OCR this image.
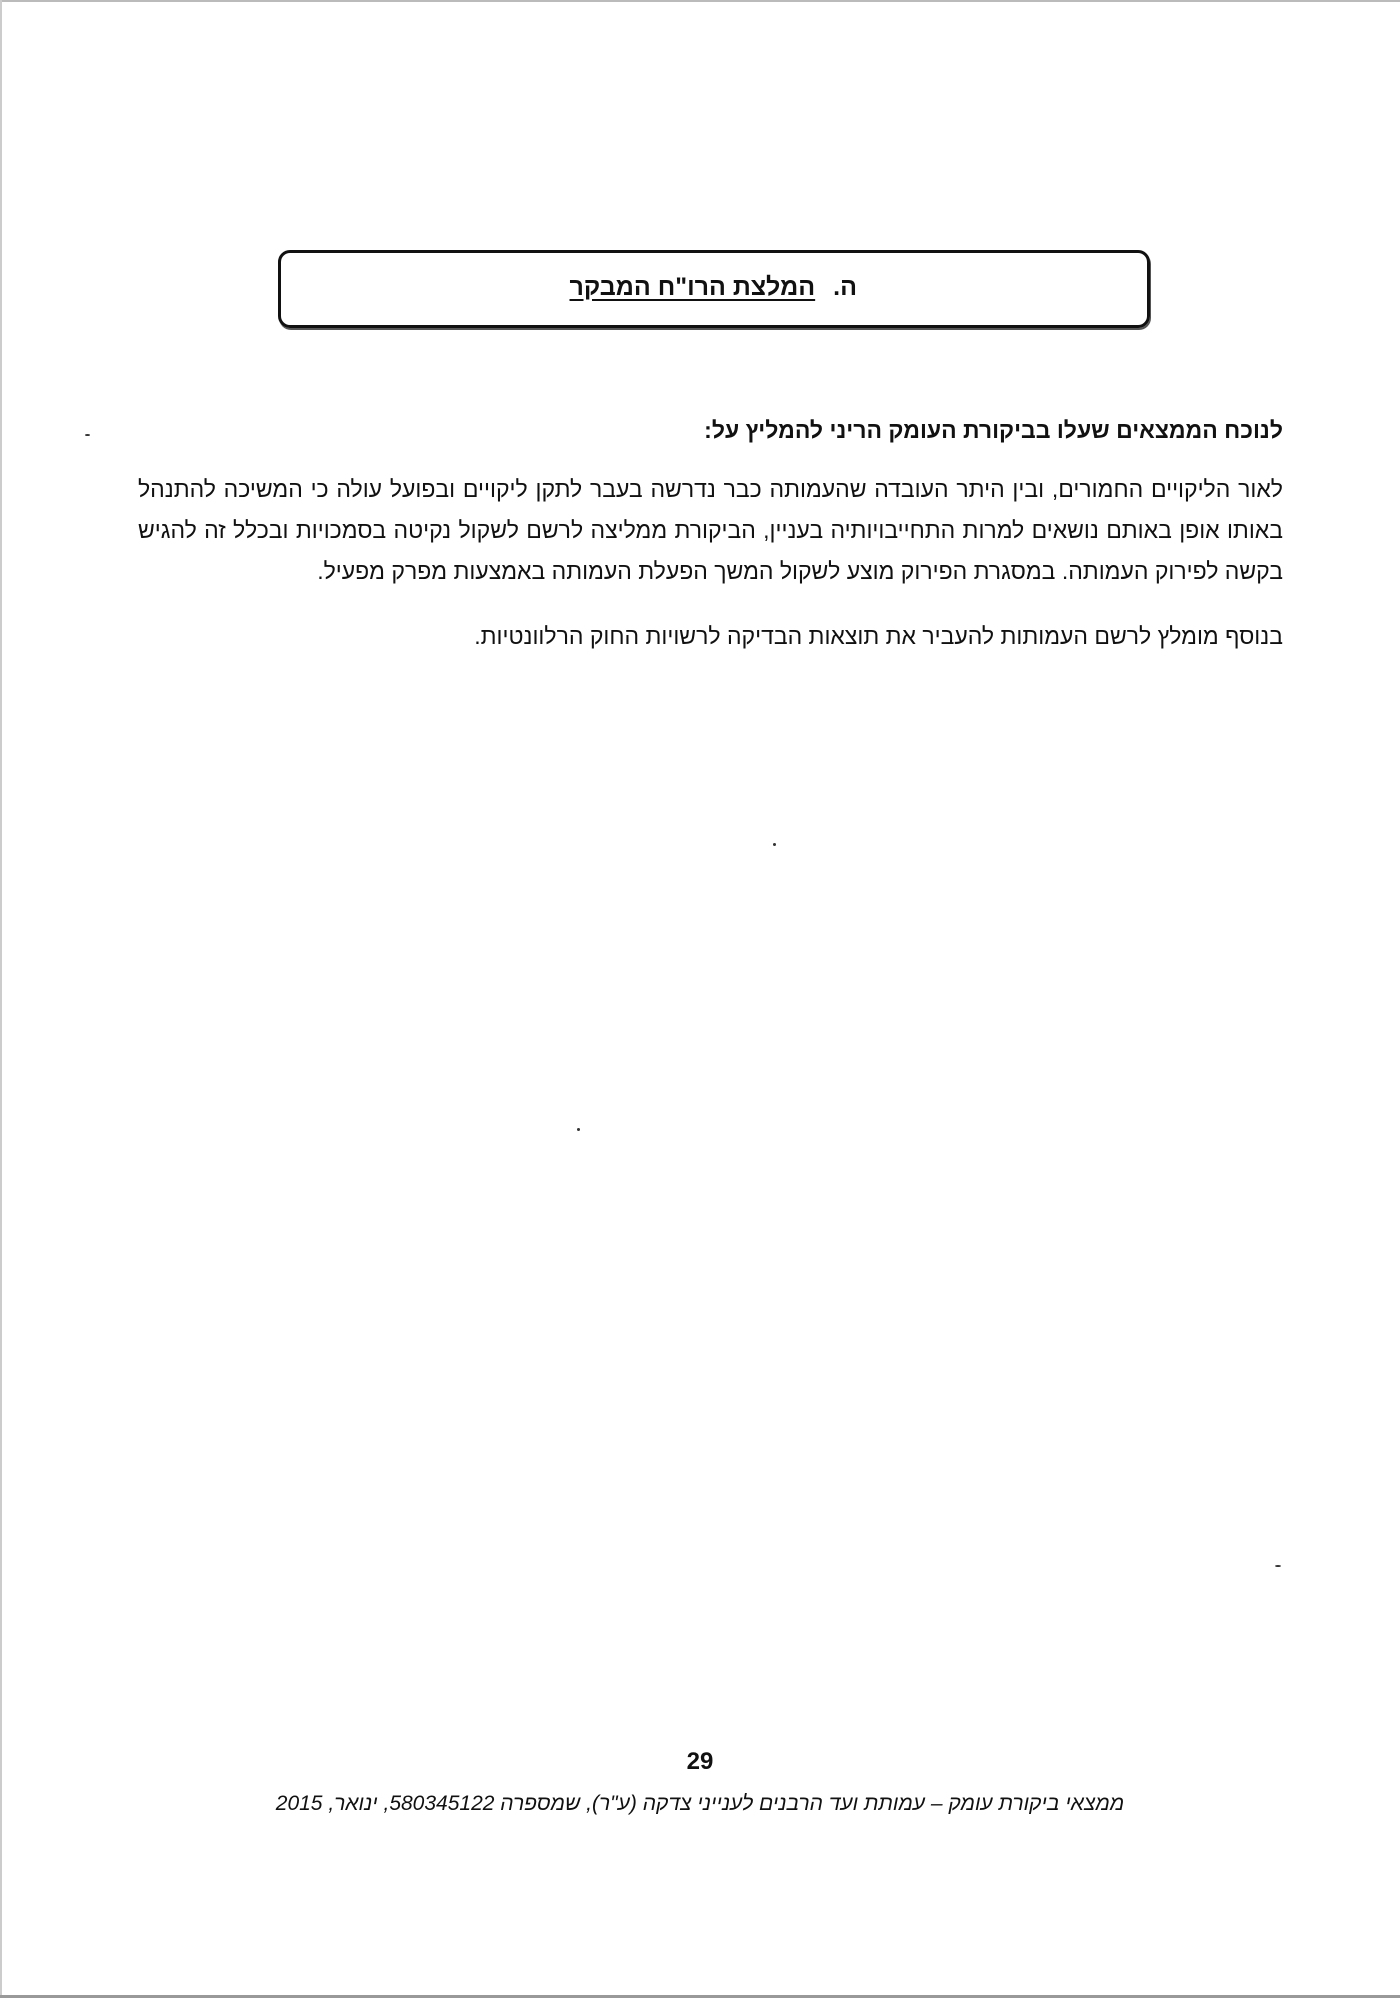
ה.המלצת הרו"ח המבקר

לנוכח הממצאים שעלו בביקורת העומק הריני להמליץ על:

לאור הליקויים החמורים, ובין היתר העובדה שהעמותה כבר נדרשה בעבר לתקן ליקויים ובפועל עולה כי המשיכה להתנהל באותו אופן באותם נושאים למרות התחייבויותיה בעניין, הביקורת ממליצה לרשם לשקול נקיטה בסמכויות ובכלל זה להגיש בקשה לפירוק העמותה. במסגרת הפירוק מוצע לשקול המשך הפעלת העמותה באמצעות מפרק מפעיל.

בנוסף מומלץ לרשם העמותות להעביר את תוצאות הבדיקה לרשויות החוק הרלוונטיות.

29
ממצאי ביקורת עומק – עמותת ועד הרבנים לענייני צדקה (ע"ר), שמספרה 580345122, ינואר, 2015
